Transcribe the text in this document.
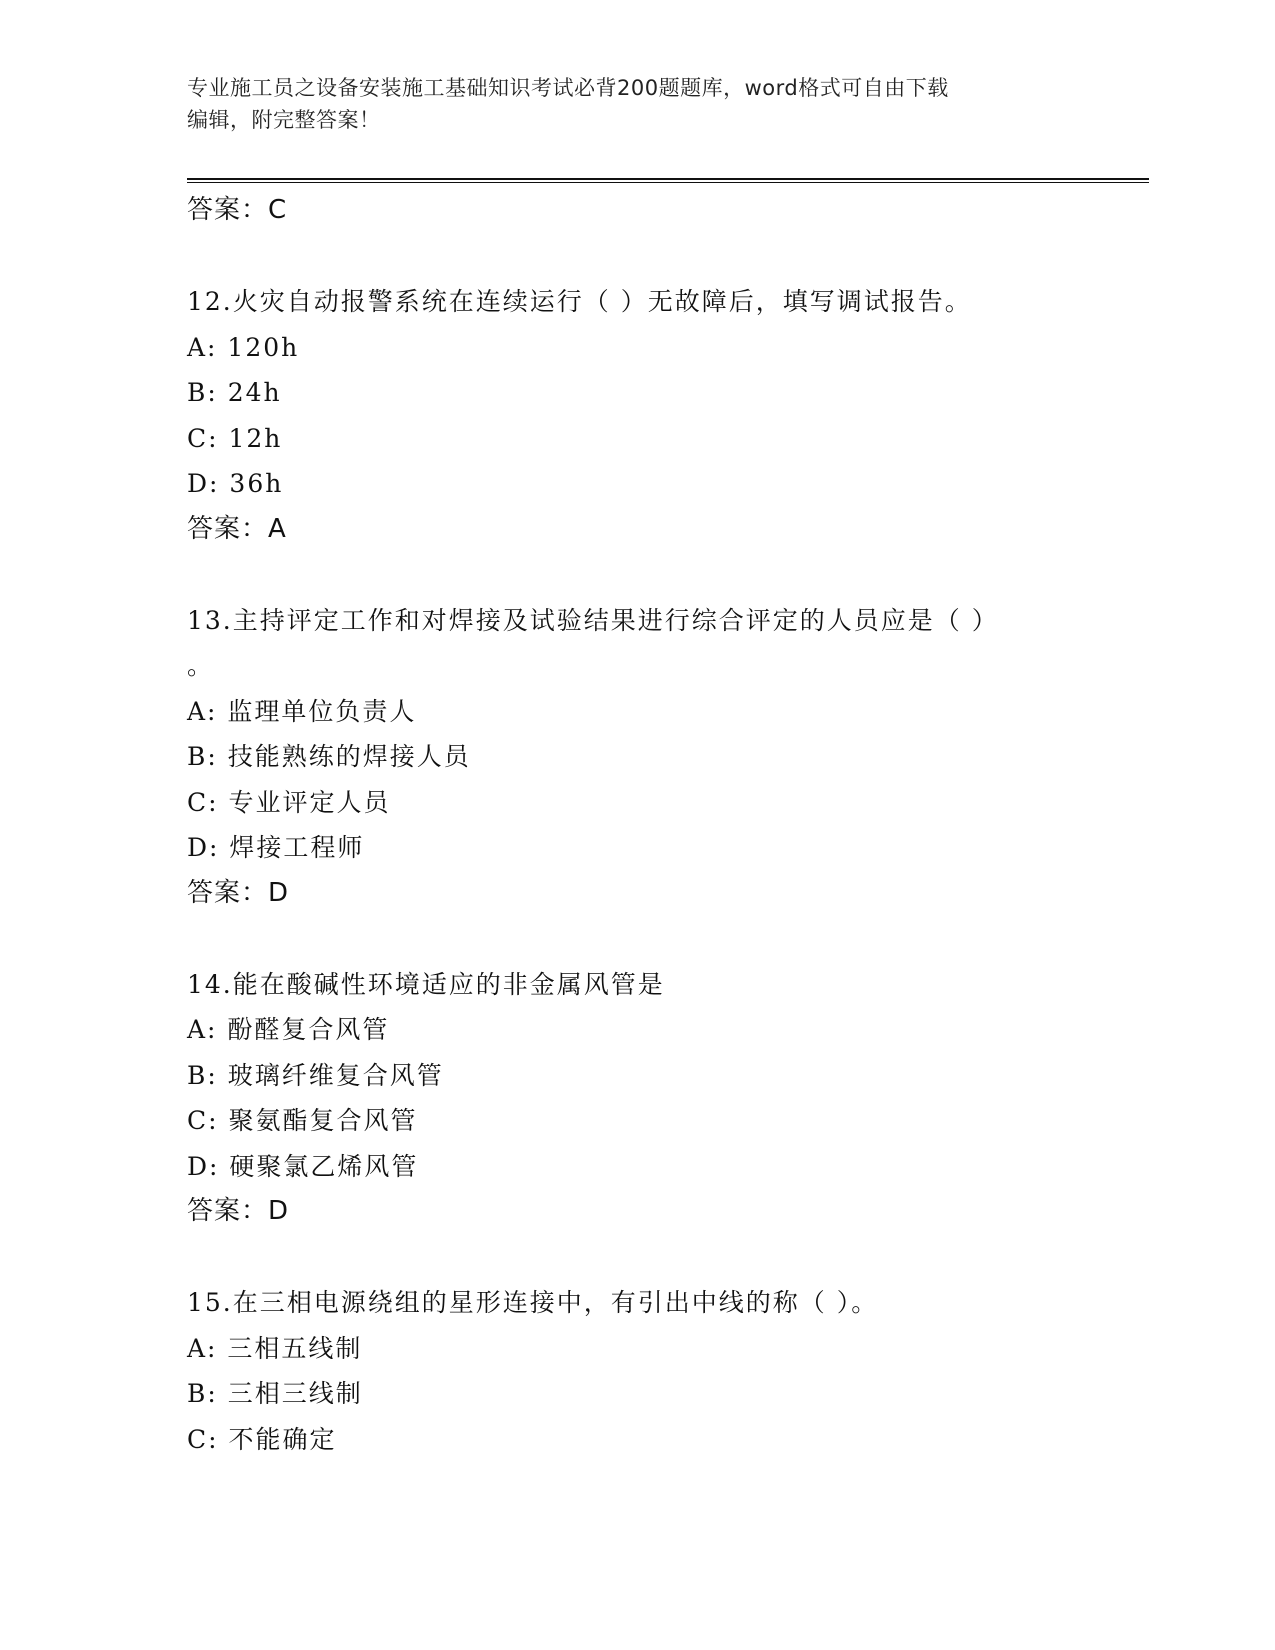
专业施工员之设备安装施工基础知识考试必背200题题库，word格式可自由下载
编辑，附完整答案！
答案：C
12.火灾自动报警系统在连续运行（ ）无故障后，填写调试报告。
A: 120h
B: 24h
C: 12h
D: 36h
答案：A
13.主持评定工作和对焊接及试验结果进行综合评定的人员应是（ ）
。
A: 监理单位负责人
B: 技能熟练的焊接人员
C: 专业评定人员
D: 焊接工程师
答案：D
14.能在酸碱性环境适应的非金属风管是
A: 酚醛复合风管
B: 玻璃纤维复合风管
C: 聚氨酯复合风管
D: 硬聚氯乙烯风管
答案：D
15.在三相电源绕组的星形连接中，有引出中线的称（ ）。
A: 三相五线制
B: 三相三线制
C: 不能确定
